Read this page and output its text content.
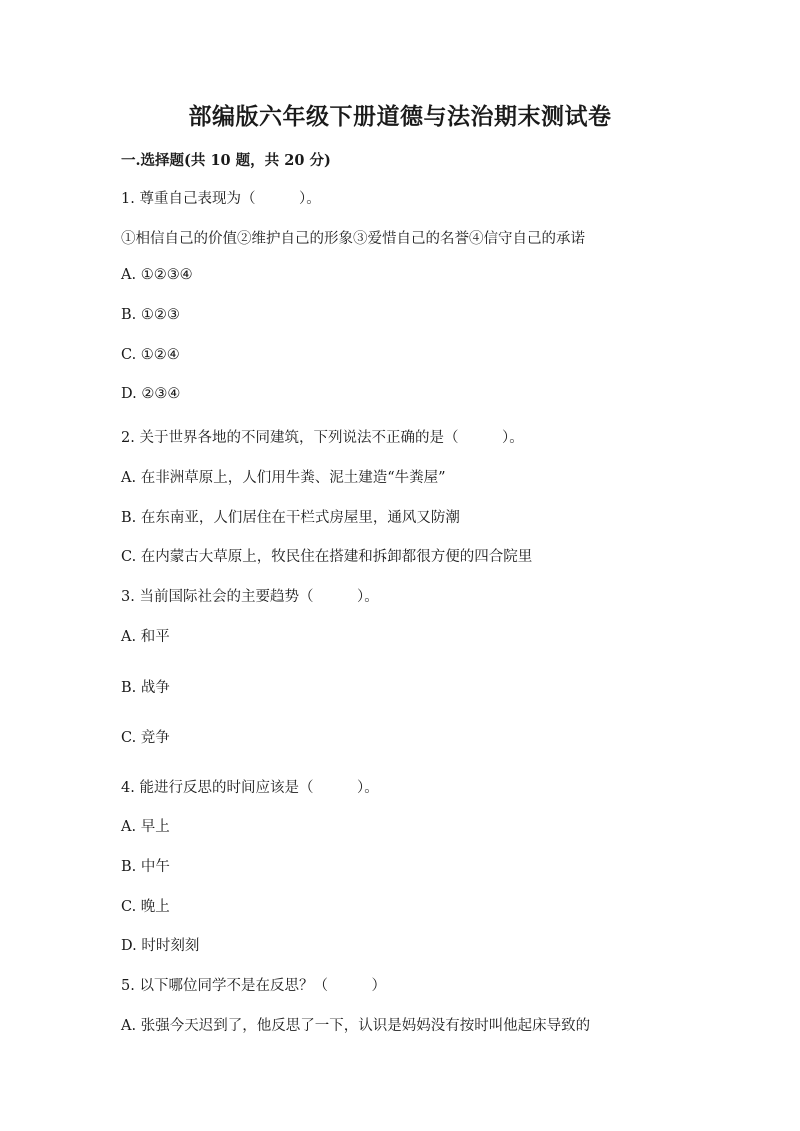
部编版六年级下册道德与法治期末测试卷
一.选择题(共 10 题，共 20 分)
1. 尊重自己表现为（　　　）。
①相信自己的价值②维护自己的形象③爱惜自己的名誉④信守自己的承诺
A. ①②③④
B. ①②③
C. ①②④
D. ②③④
2. 关于世界各地的不同建筑，下列说法不正确的是（　　　）。
A. 在非洲草原上，人们用牛粪、泥土建造“牛粪屋”
B. 在东南亚，人们居住在干栏式房屋里，通风又防潮
C. 在内蒙古大草原上，牧民住在搭建和拆卸都很方便的四合院里
3. 当前国际社会的主要趋势（　　　）。
A. 和平
B. 战争
C. 竞争
4. 能进行反思的时间应该是（　　　）。
A. 早上
B. 中午
C. 晚上
D. 时时刻刻
5. 以下哪位同学不是在反思？（　　　）
A. 张强今天迟到了，他反思了一下，认识是妈妈没有按时叫他起床导致的
